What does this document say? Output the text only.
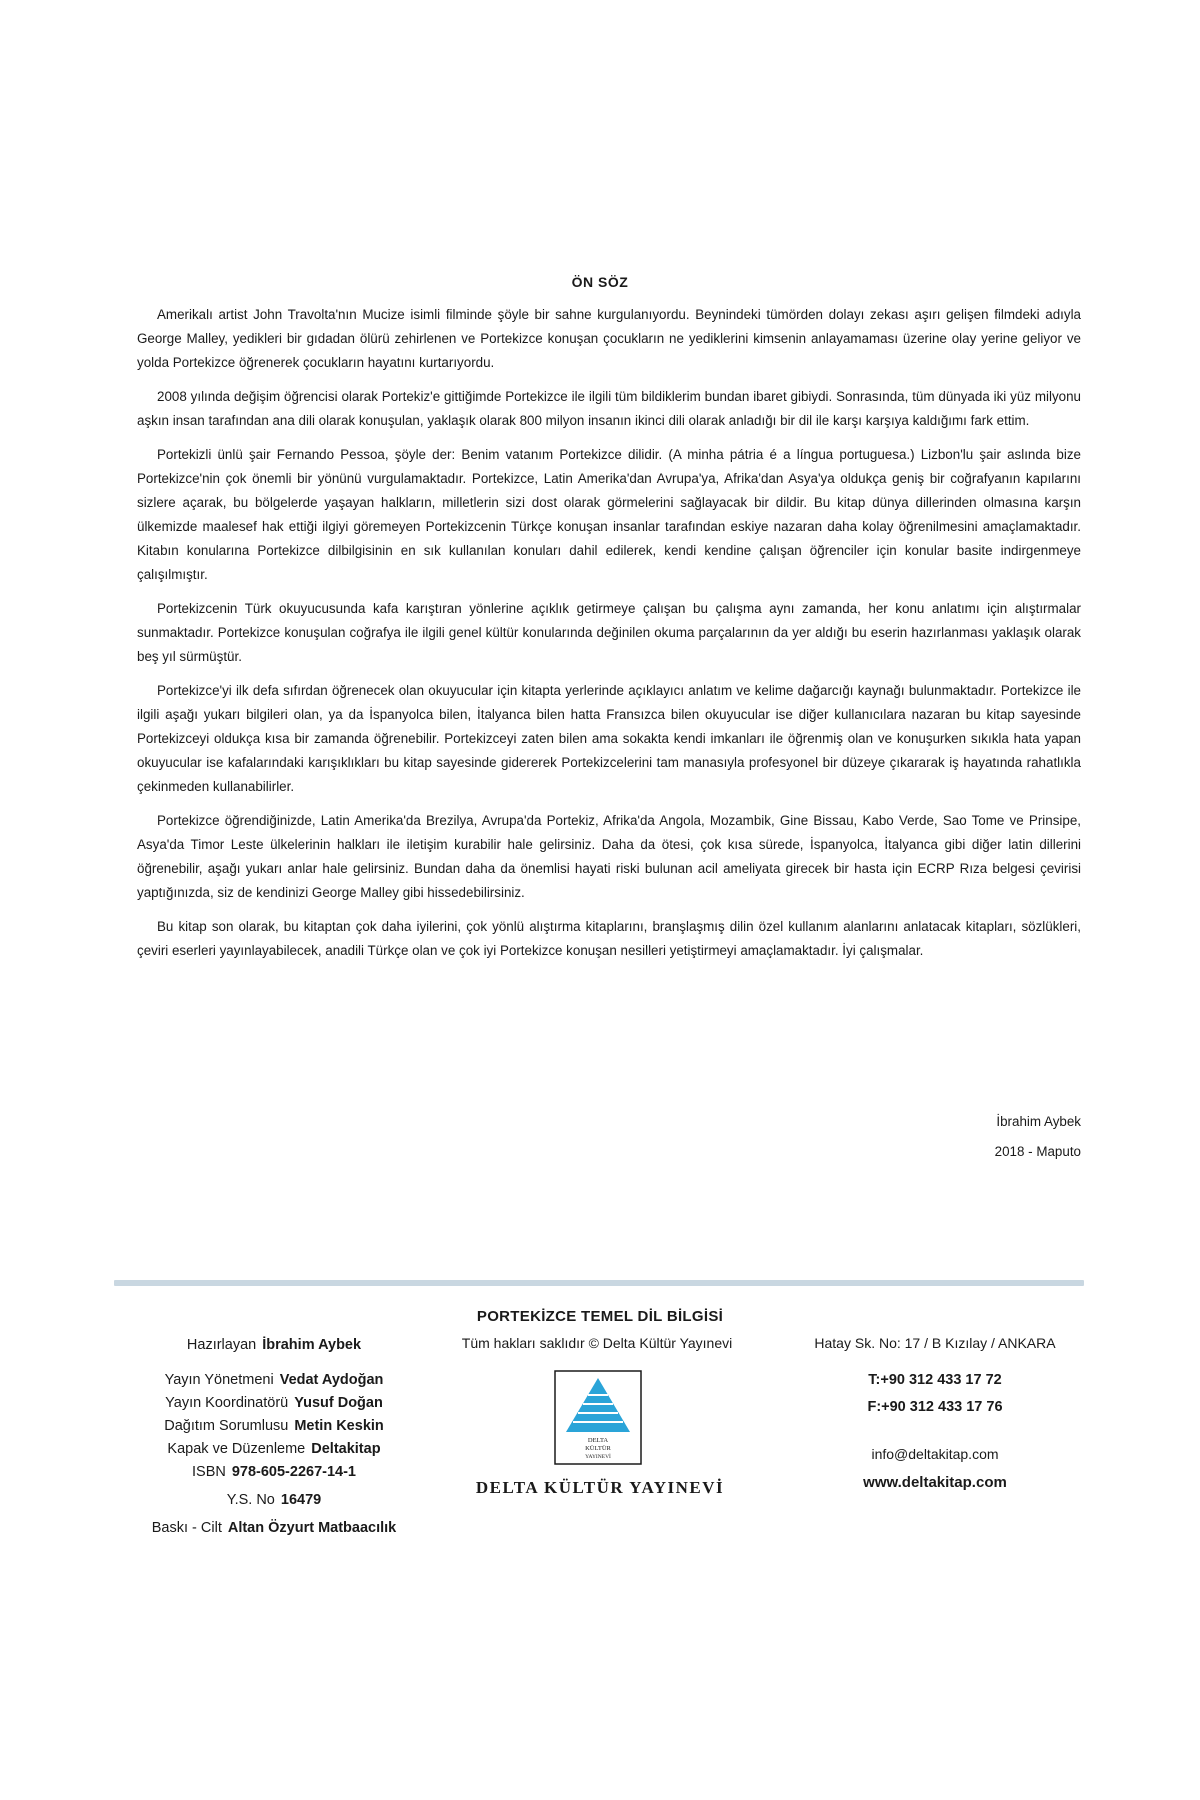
ÖN SÖZ

Amerikalı artist John Travolta'nın Mucize isimli filminde şöyle bir sahne kurgulanıyordu. Beynindeki tümörden dolayı zekası aşırı gelişen filmdeki adıyla George Malley, yedikleri bir gıdadan ölürü zehirlenen ve Portekizce konuşan çocukların ne yediklerini kimsenin anlayamaması üzerine olay yerine geliyor ve yolda Portekizce öğrenerek çocukların hayatını kurtarıyordu.

2008 yılında değişim öğrencisi olarak Portekiz'e gittiğimde Portekizce ile ilgili tüm bildiklerim bundan ibaret gibiydi. Sonrasında, tüm dünyada iki yüz milyonu aşkın insan tarafından ana dili olarak konuşulan, yaklaşık olarak 800 milyon insanın ikinci dili olarak anladığı bir dil ile karşı karşıya kaldığımı fark ettim.

Portekizli ünlü şair Fernando Pessoa, şöyle der: Benim vatanım Portekizce dilidir. (A minha pátria é a língua portuguesa.) Lizbon'lu şair aslında bize Portekizce'nin çok önemli bir yönünü vurgulamaktadır. Portekizce, Latin Amerika'dan Avrupa'ya, Afrika'dan Asya'ya oldukça geniş bir coğrafyanın kapılarını sizlere açarak, bu bölgelerde yaşayan halkların, milletlerin sizi dost olarak görmelerini sağlayacak bir dildir. Bu kitap dünya dillerinden olmasına karşın ülkemizde maalesef hak ettiği ilgiyi göremeyen Portekizcenin Türkçe konuşan insanlar tarafından eskiye nazaran daha kolay öğrenilmesini amaçlamaktadır. Kitabın konularına Portekizce dilbilgisinin en sık kullanılan konuları dahil edilerek, kendi kendine çalışan öğrenciler için konular basite indirgenmeye çalışılmıştır.

Portekizcenin Türk okuyucusunda kafa karıştıran yönlerine açıklık getirmeye çalışan bu çalışma aynı zamanda, her konu anlatımı için alıştırmalar sunmaktadır. Portekizce konuşulan coğrafya ile ilgili genel kültür konularında değinilen okuma parçalarının da yer aldığı bu eserin hazırlanması yaklaşık olarak beş yıl sürmüştür.

Portekizce'yi ilk defa sıfırdan öğrenecek olan okuyucular için kitapta yerlerinde açıklayıcı anlatım ve kelime dağarcığı kaynağı bulunmaktadır. Portekizce ile ilgili aşağı yukarı bilgileri olan, ya da İspanyolca bilen, İtalyanca bilen hatta Fransızca bilen okuyucular ise diğer kullanıcılara nazaran bu kitap sayesinde Portekizceyi oldukça kısa bir zamanda öğrenebilir. Portekizceyi zaten bilen ama sokakta kendi imkanları ile öğrenmiş olan ve konuşurken sıkıkla hata yapan okuyucular ise kafalarındaki karışıklıkları bu kitap sayesinde gidererek Portekizcelerini tam manasıyla profesyonel bir düzeye çıkararak iş hayatında rahatlıkla çekinmeden kullanabilirler.

Portekizce öğrendiğinizde, Latin Amerika'da Brezilya, Avrupa'da Portekiz, Afrika'da Angola, Mozambik, Gine Bissau, Kabo Verde, Sao Tome ve Prinsipe, Asya'da Timor Leste ülkelerinin halkları ile iletişim kurabilir hale gelirsiniz. Daha da ötesi, çok kısa sürede, İspanyolca, İtalyanca gibi diğer latin dillerini öğrenebilir, aşağı yukarı anlar hale gelirsiniz. Bundan daha da önemlisi hayati riski bulunan acil ameliyata girecek bir hasta için ECRP Rıza belgesi çevirisi yaptığınızda, siz de kendinizi George Malley gibi hissedebilirsiniz.

Bu kitap son olarak, bu kitaptan çok daha iyilerini, çok yönlü alıştırma kitaplarını, branşlaşmış dilin özel kullanım alanlarını anlatacak kitapları, sözlükleri, çeviri eserleri yayınlayabilecek, anadili Türkçe olan ve çok iyi Portekizce konuşan nesilleri yetiştirmeyi amaçlamaktadır. İyi çalışmalar.

İbrahim Aybek
2018 - Maputo
PORTEKİZCE TEMEL DİL BİLGİSİ
Hazırlayan İbrahim Aybek
Yayın Yönetmeni Vedat Aydoğan
Yayın Koordinatörü Yusuf Doğan
Dağıtım Sorumlusu Metin Keskin
Kapak ve Düzenleme Deltakitap
ISBN 978-605-2267-14-1
Y.S. No 16479
Baskı - Cilt Altan Özyurt Matbaacılık
Tüm hakları saklıdır © Delta Kültür Yayınevi	Hatay Sk. No: 17 / B Kızılay / ANKARA
T:+90 312 433 17 72
F:+90 312 433 17 76
info@deltakitap.com
www.deltakitap.com
DELTA
KÜLTÜR
YAYINEVİ
DELTA KÜLTÜR YAYINEVİ
